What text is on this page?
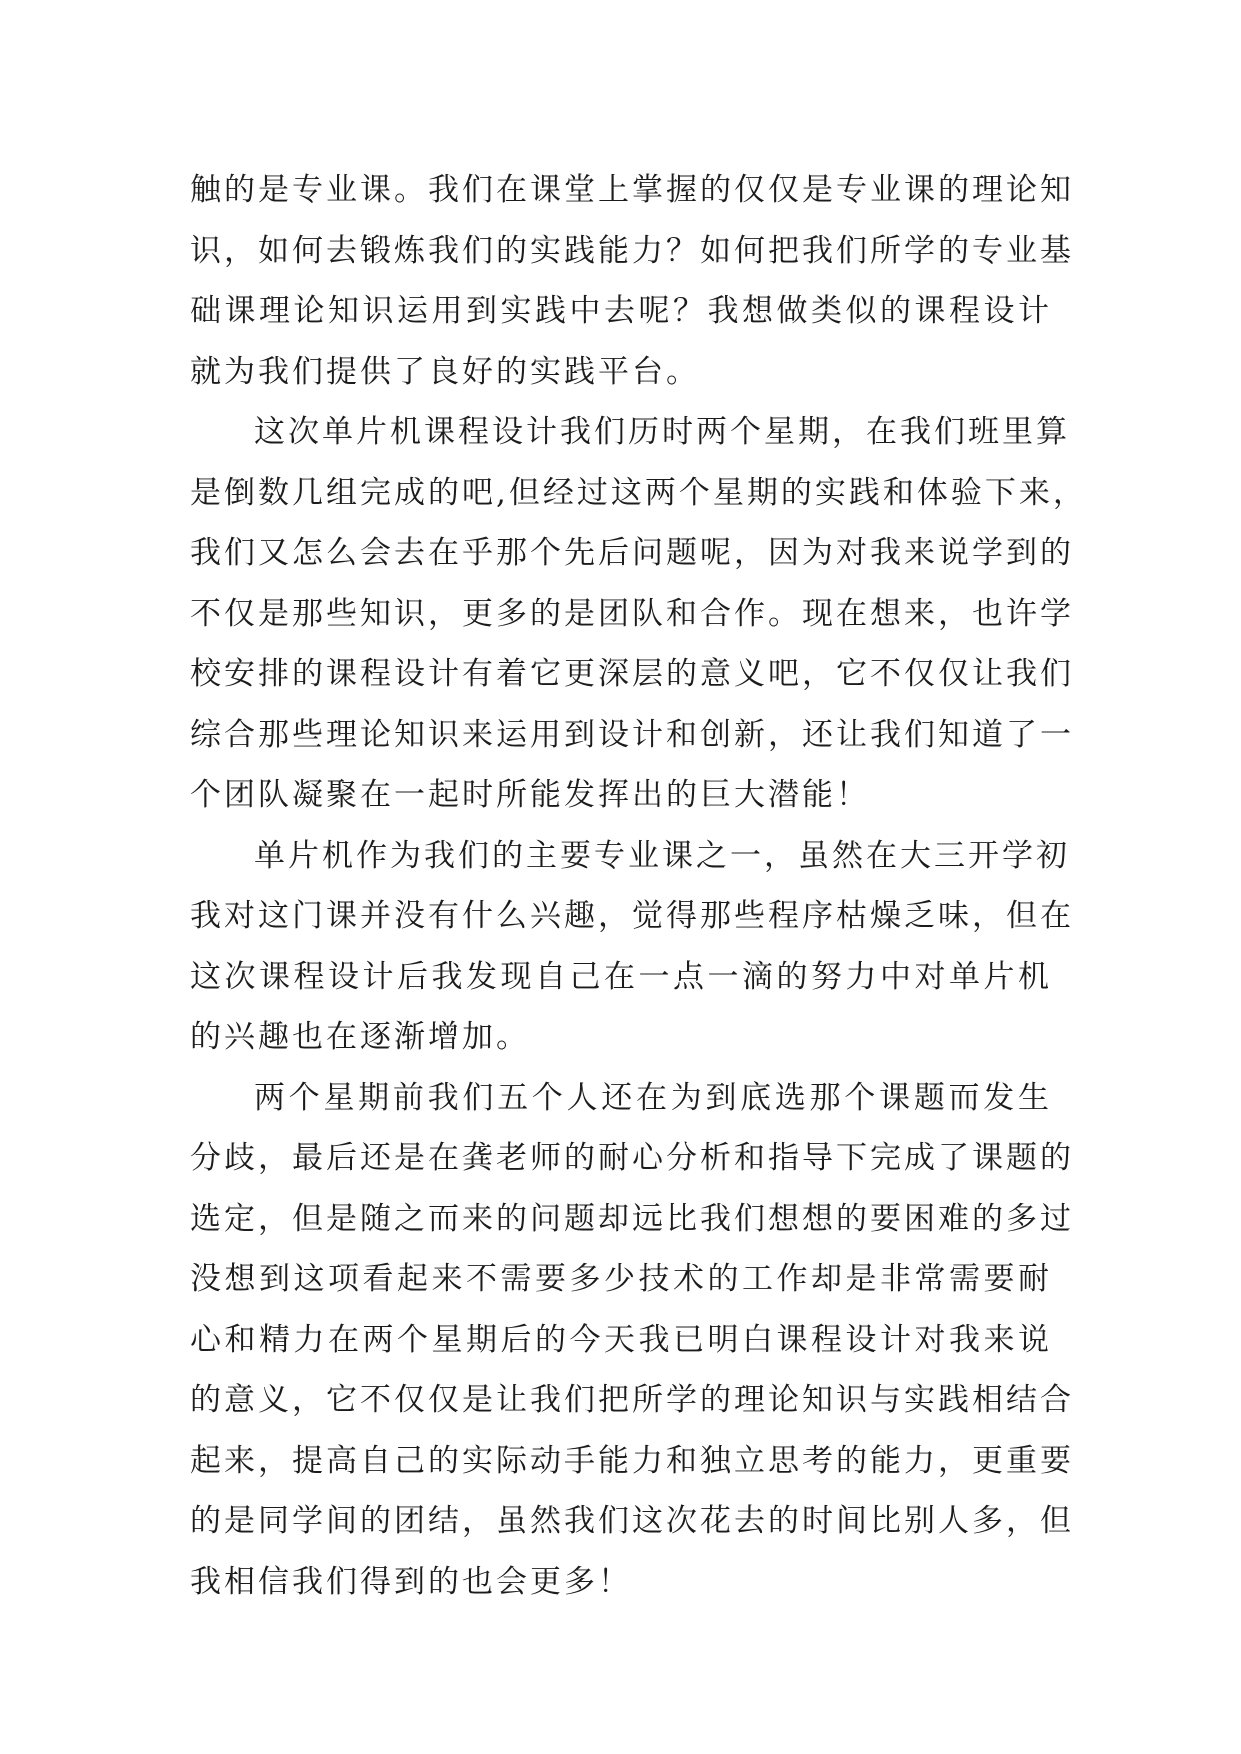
触的是专业课。我们在课堂上掌握的仅仅是专业课的理论知
识，如何去锻炼我们的实践能力？如何把我们所学的专业基
础课理论知识运用到实践中去呢？我想做类似的课程设计
就为我们提供了良好的实践平台。
这次单片机课程设计我们历时两个星期，在我们班里算
是倒数几组完成的吧,但经过这两个星期的实践和体验下来，
我们又怎么会去在乎那个先后问题呢，因为对我来说学到的
不仅是那些知识，更多的是团队和合作。现在想来，也许学
校安排的课程设计有着它更深层的意义吧，它不仅仅让我们
综合那些理论知识来运用到设计和创新，还让我们知道了一
个团队凝聚在一起时所能发挥出的巨大潜能！
单片机作为我们的主要专业课之一，虽然在大三开学初
我对这门课并没有什么兴趣，觉得那些程序枯燥乏味，但在
这次课程设计后我发现自己在一点一滴的努力中对单片机
的兴趣也在逐渐增加。
两个星期前我们五个人还在为到底选那个课题而发生
分歧，最后还是在龚老师的耐心分析和指导下完成了课题的
选定，但是随之而来的问题却远比我们想想的要困难的多过
没想到这项看起来不需要多少技术的工作却是非常需要耐
心和精力在两个星期后的今天我已明白课程设计对我来说
的意义，它不仅仅是让我们把所学的理论知识与实践相结合
起来，提高自己的实际动手能力和独立思考的能力，更重要
的是同学间的团结，虽然我们这次花去的时间比别人多，但
我相信我们得到的也会更多！
